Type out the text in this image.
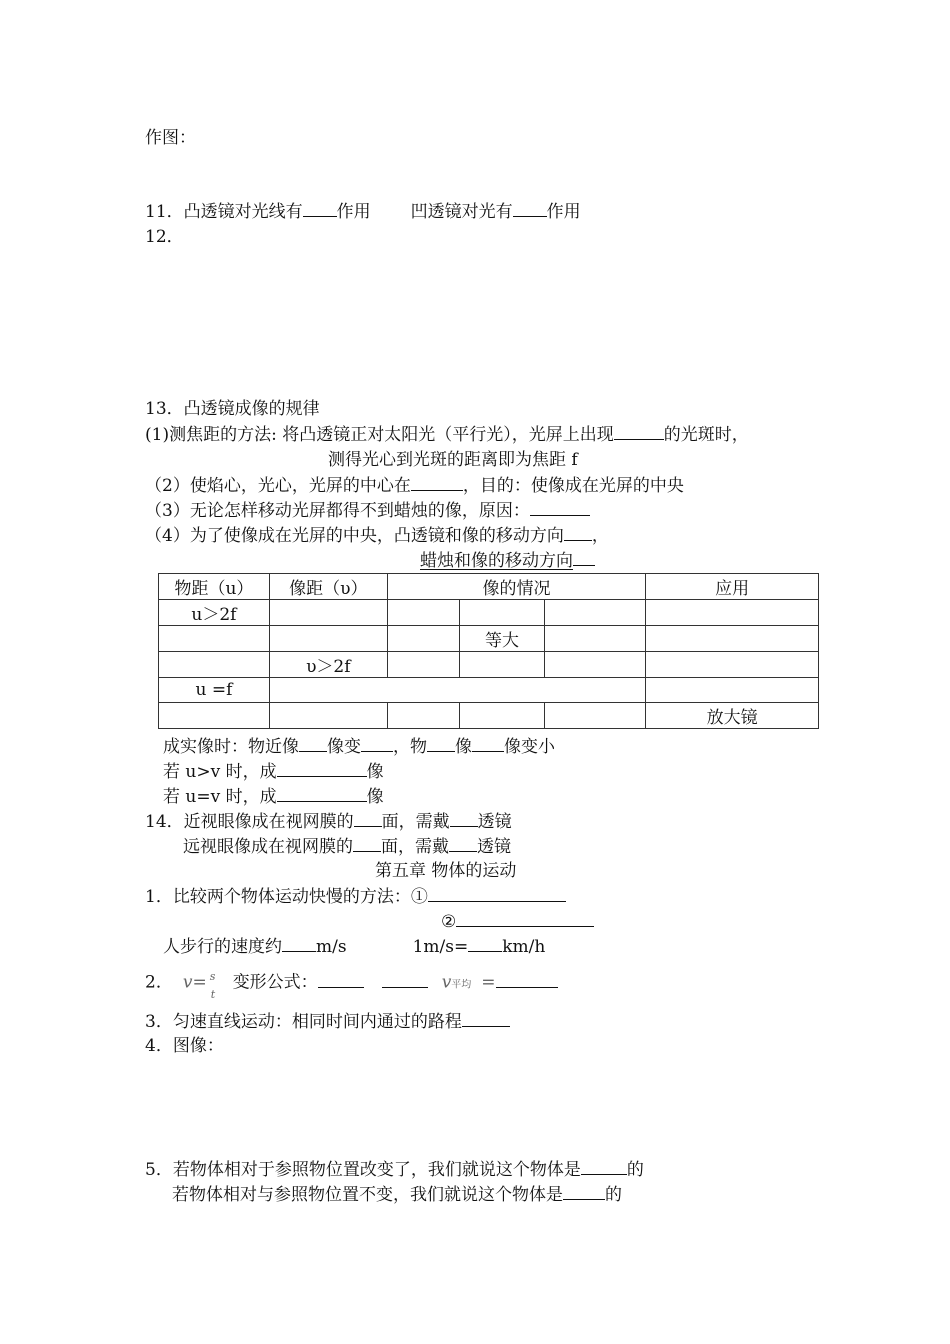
作图：
11．凸透镜对光线有 作用 凹透镜对光有 作用
12．
13．凸透镜成像的规律
(1)测焦距的方法: 将凸透镜正对太阳光（平行光），光屏上出现	的光斑时，
测得光心到光斑的距离即为焦距 f
（2）使焰心，光心，光屏的中心在	，目的：使像成在光屏的中央
（3）无论怎样移动光屏都得不到蜡烛的像，原因：
（4）为了使像成在光屏的中央，凸透镜和像的移动方向 ，
蜡烛和像的移动方向
物距（u）	像距（υ）	像的情况			应用
u＞2f					
			等大		
	υ＞2f				
u =f					
					放大镜
成实像时：物近像 像变 ，物 像 像变小
若 u>v 时，成	像
若 u=v 时，成	像
14．近视眼像成在视网膜的 面，需戴 透镜
远视眼像成在视网膜的 面，需戴 透镜
第五章 物体的运动
1．比较两个物体运动快慢的方法：①
②
人步行的速度约 m/s	1m/s= km/h
2． v= s
t
变形公式：	v平均 =
3．匀速直线运动：相同时间内通过的路程
4．图像：
5．若物体相对于参照物位置改变了，我们就说这个物体是	的
若物体相对与参照物位置不变，我们就说这个物体是 的
